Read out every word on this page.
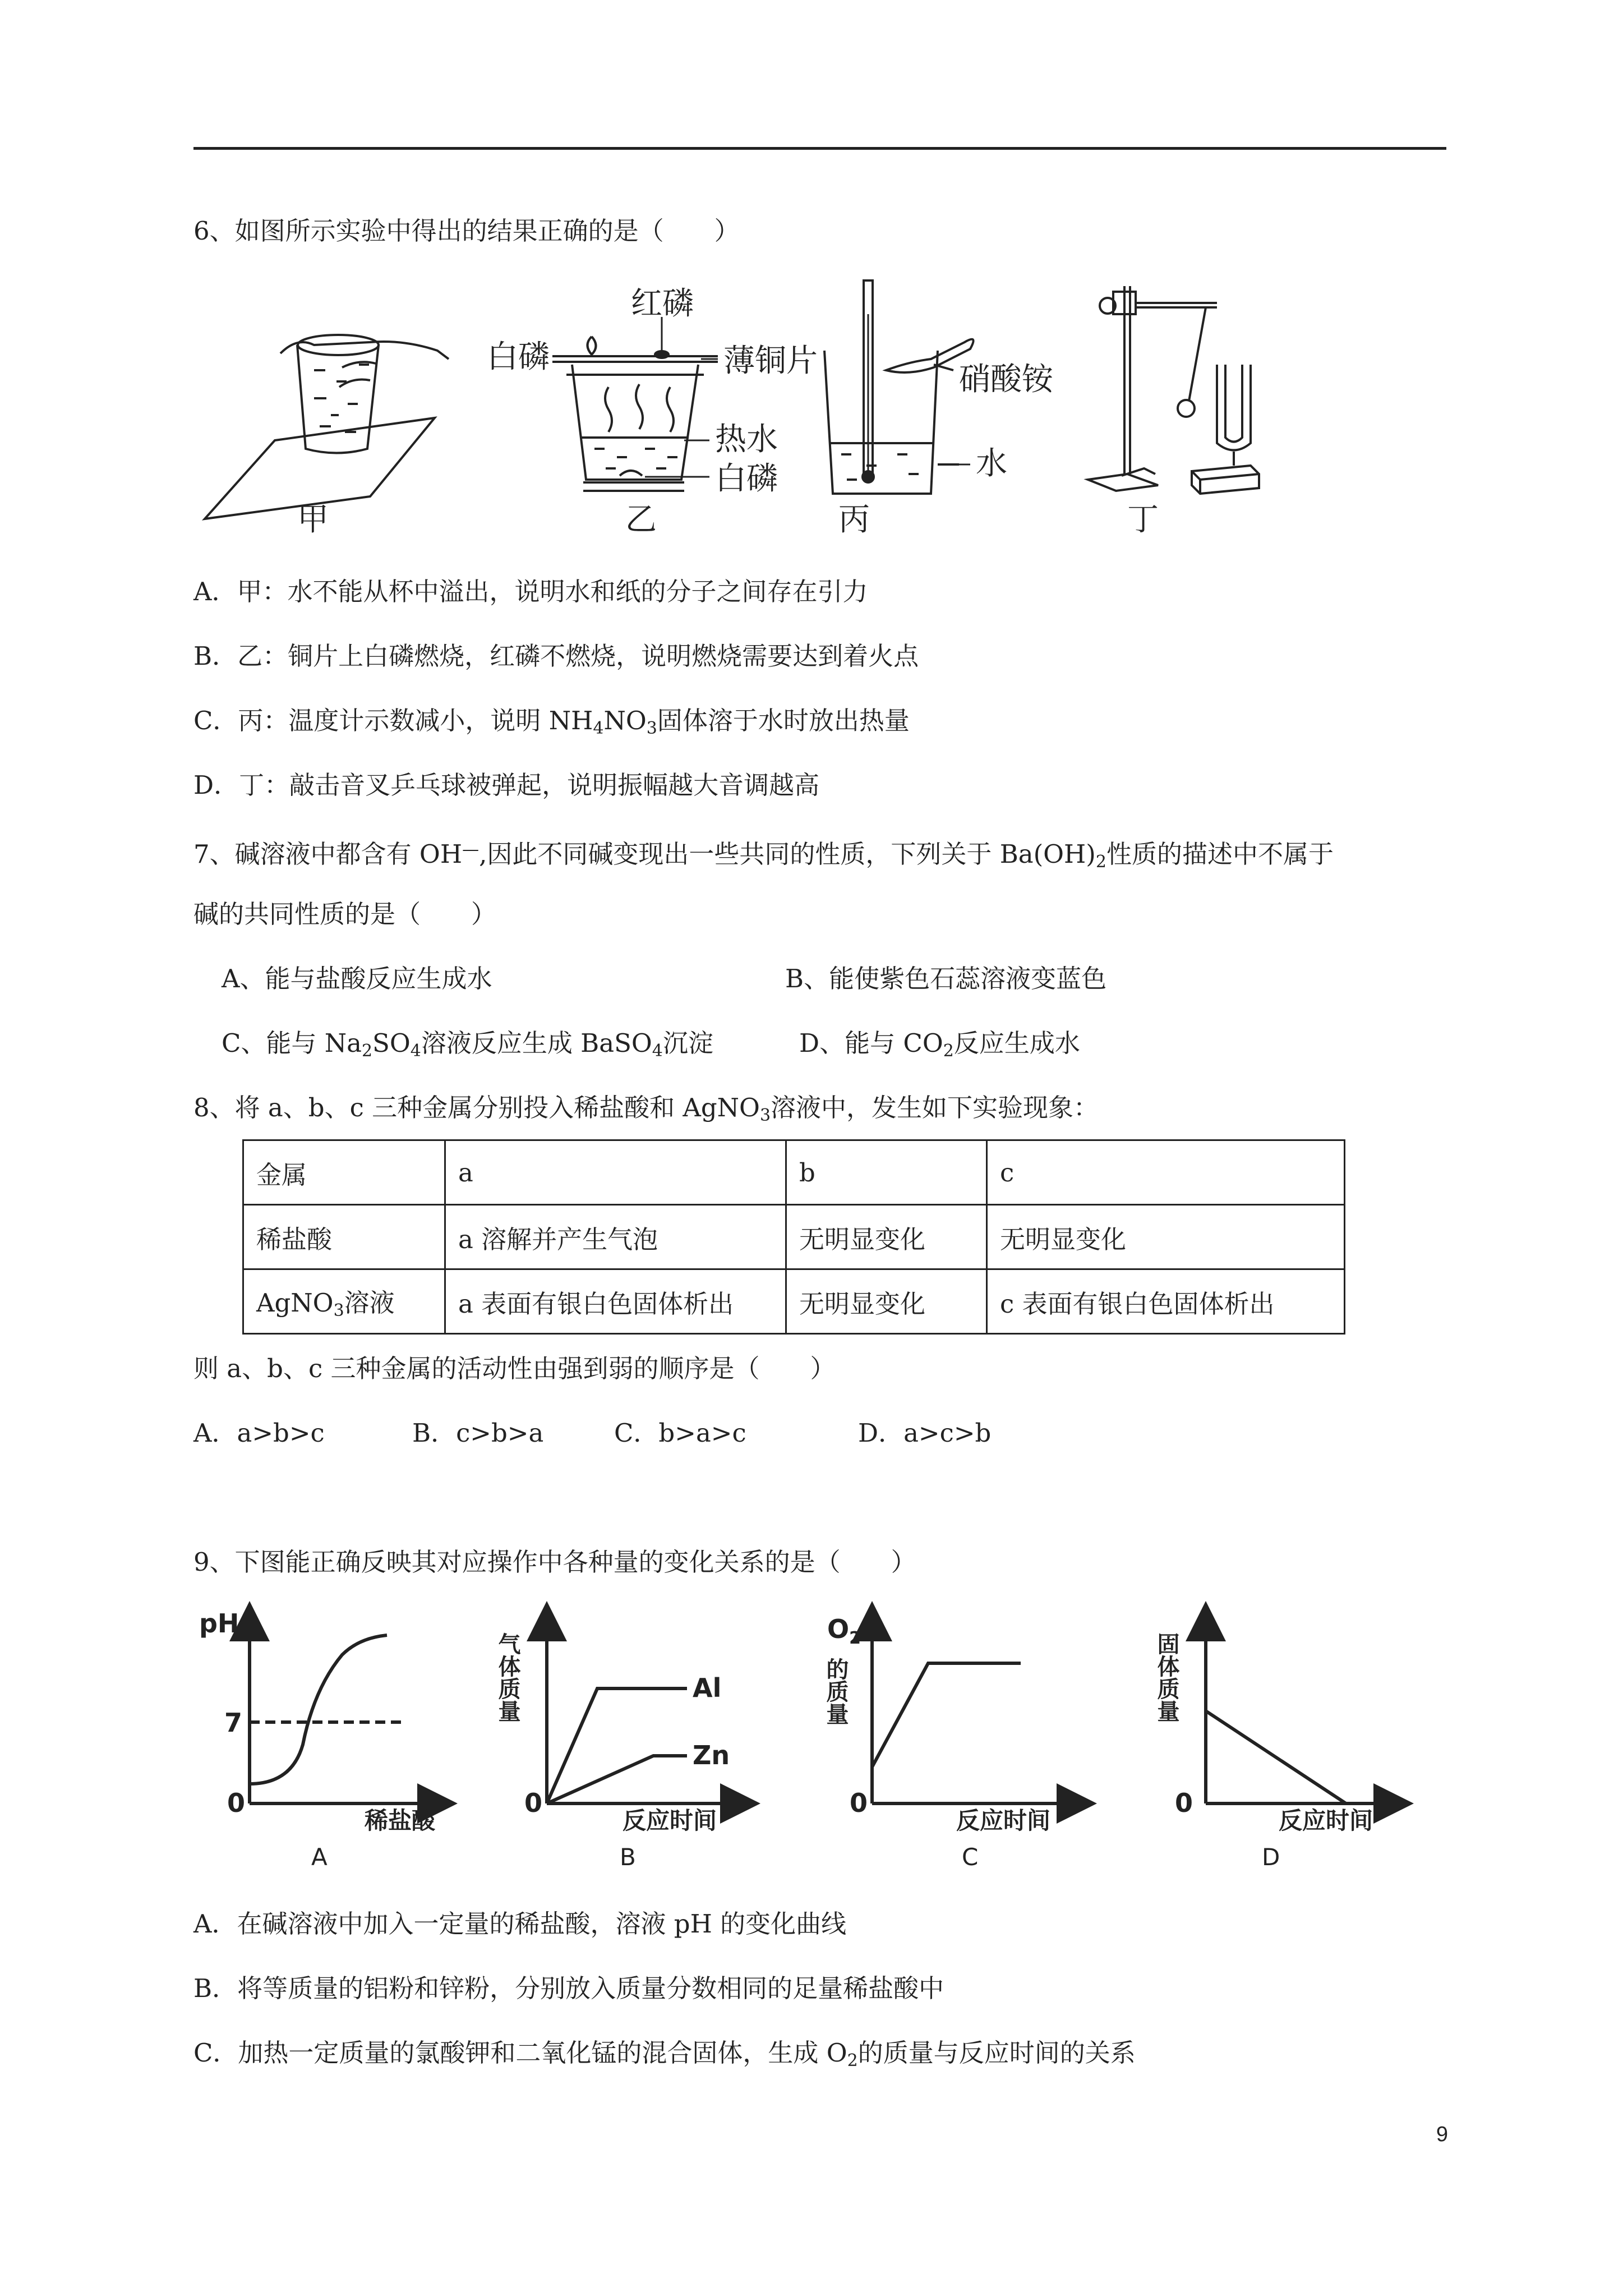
6、如图所示实验中得出的结果正确的是（　　）
甲	乙	丙	丁
红磷
白磷	薄铜片
热水
白磷
硝酸铵
水
A．甲：水不能从杯中溢出，说明水和纸的分子之间存在引力
B．乙：铜片上白磷燃烧，红磷不燃烧，说明燃烧需要达到着火点
C．丙：温度计示数减小，说明 $NH_4NO_3$固体溶于水时放出热量
D．丁：敲击音叉乒乓球被弹起，说明振幅越大音调越高
7、碱溶液中都含有 OH—,因此不同碱变现出一些共同的性质，下列关于 $Ba(OH)_2$性质的描述中不属于
碱的共同性质的是（　　）
A、能与盐酸反应生成水	B、能使紫色石蕊溶液变蓝色
C、能与 $Na_2SO_4$溶液反应生成 BaSO$_4$沉淀	D、能与 $CO_2$反应生成水
8、将 a、b、c 三种金属分别投入稀盐酸和 AgNO$_3$溶液中，发生如下实验现象：
金属	a	b	c
稀盐酸	a 溶解并产生气泡	无明显变化	无明显变化
AgNO$_3$溶液	a 表面有银白色固体析出	无明显变化	c 表面有银白色固体析出
则 a、b、c 三种金属的活动性由强到弱的顺序是（　　）
A．a>b>c	B．c>b>a	C．b>a>c	D．a>c>b
9、下图能正确反映其对应操作中各种量的变化关系的是（　　）
pH
7
0
稀盐酸
A
气体质量
0
Al
Zn
反应时间
B
$O_2$
的质量
0
反应时间
C
固体质量
0
反应时间
D
A．在碱溶液中加入一定量的稀盐酸，溶液 pH 的变化曲线
B．将等质量的铝粉和锌粉，分别放入质量分数相同的足量稀盐酸中
C．加热一定质量的氯酸钾和二氧化锰的混合固体，生成 $O_2$的质量与反应时间的关系
9
